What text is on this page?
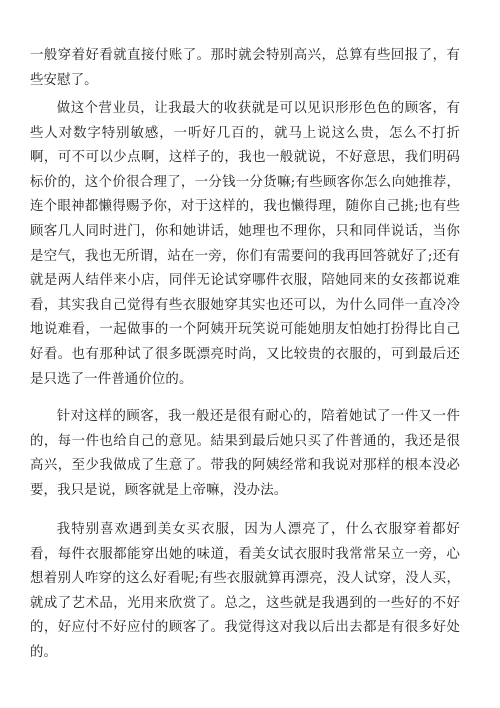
一般穿着好看就直接付账了。那时就会特别高兴，总算有些回报了，有些安慰了。

做这个营业员，让我最大的收获就是可以见识形形色色的顾客，有些人对数字特别敏感，一听好几百的，就马上说这么贵，怎么不打折啊，可不可以少点啊，这样子的，我也一般就说，不好意思，我们明码标价的，这个价很合理了，一分钱一分货嘛;有些顾客你怎么向她推荐，连个眼神都懒得赐予你，对于这样的，我也懒得理，随你自己挑;也有些顾客几人同时进门，你和她讲话，她理也不理你，只和同伴说话，当你是空气，我也无所谓，站在一旁，你们有需要问的我再回答就好了;还有就是两人结伴来小店，同伴无论试穿哪件衣服，陪她同来的女孩都说难看，其实我自己觉得有些衣服她穿其实也还可以，为什么同伴一直冷冷地说难看，一起做事的一个阿姨开玩笑说可能她朋友怕她打扮得比自己好看。也有那种试了很多既漂亮时尚，又比较贵的衣服的，可到最后还是只选了一件普通价位的。

针对这样的顾客，我一般还是很有耐心的，陪着她试了一件又一件的，每一件也给自己的意见。結果到最后她只买了件普通的，我还是很高兴，至少我做成了生意了。带我的阿姨经常和我说对那样的根本没必要，我只是说，顾客就是上帝嘛，没办法。

我特别喜欢遇到美女买衣服，因为人漂亮了，什么衣服穿着都好看，每件衣服都能穿出她的味道，看美女试衣服时我常常呆立一旁，心想着别人咋穿的这么好看呢;有些衣服就算再漂亮，没人试穿，没人买，就成了艺术品，光用来欣赏了。总之，这些就是我遇到的一些好的不好的，好应付不好应付的顾客了。我觉得这对我以后出去都是有很多好处的。
